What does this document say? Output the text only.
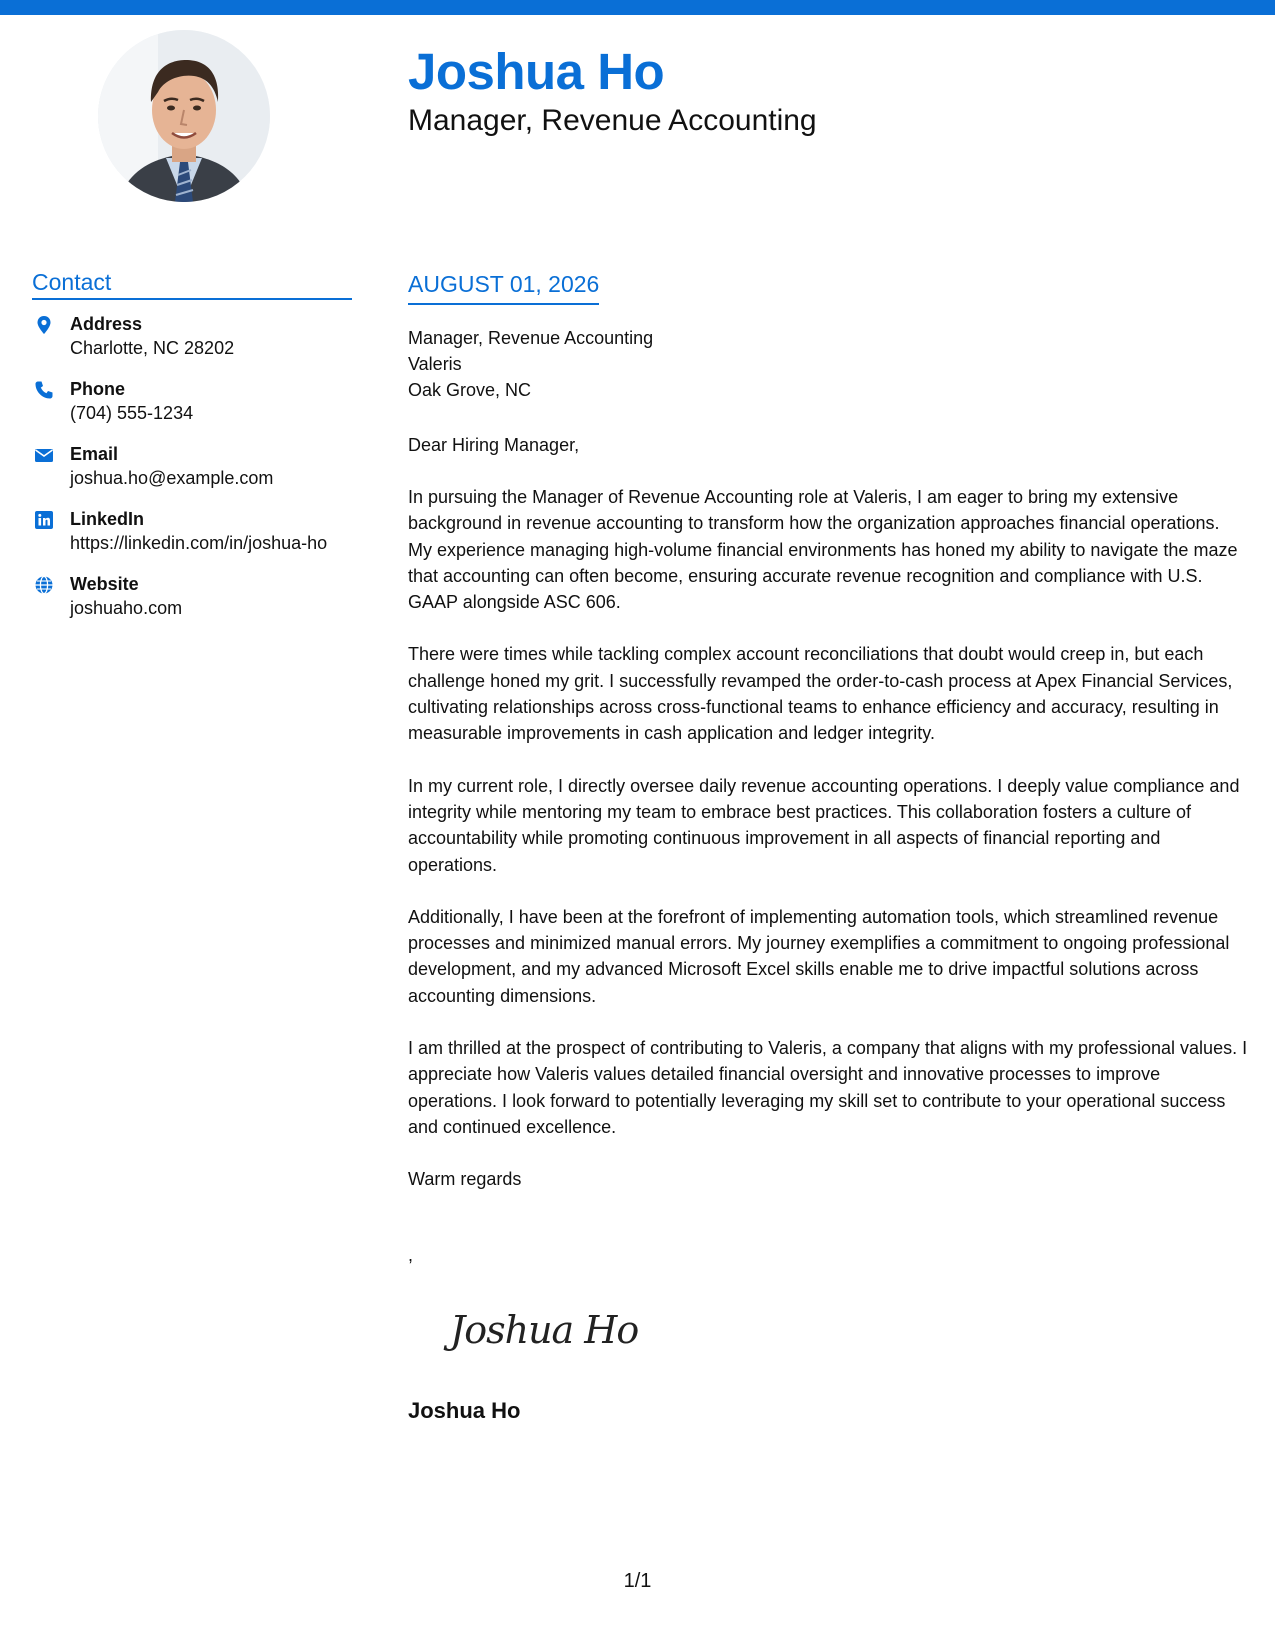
Joshua Ho
Manager, Revenue Accounting
Contact
Address
Charlotte, NC 28202
Phone
(704) 555-1234
Email
joshua.ho@example.com
LinkedIn
https://linkedin.com/in/joshua-ho
Website
joshuaho.com
AUGUST 01, 2026
Manager, Revenue Accounting
Valeris
Oak Grove, NC
Dear Hiring Manager,
In pursuing the Manager of Revenue Accounting role at Valeris, I am eager to bring my extensive background in revenue accounting to transform how the organization approaches financial operations. My experience managing high-volume financial environments has honed my ability to navigate the maze that accounting can often become, ensuring accurate revenue recognition and compliance with U.S. GAAP alongside ASC 606.
There were times while tackling complex account reconciliations that doubt would creep in, but each challenge honed my grit. I successfully revamped the order-to-cash process at Apex Financial Services, cultivating relationships across cross-functional teams to enhance efficiency and accuracy, resulting in measurable improvements in cash application and ledger integrity.
In my current role, I directly oversee daily revenue accounting operations. I deeply value compliance and integrity while mentoring my team to embrace best practices. This collaboration fosters a culture of accountability while promoting continuous improvement in all aspects of financial reporting and operations.
Additionally, I have been at the forefront of implementing automation tools, which streamlined revenue processes and minimized manual errors. My journey exemplifies a commitment to ongoing professional development, and my advanced Microsoft Excel skills enable me to drive impactful solutions across accounting dimensions.
I am thrilled at the prospect of contributing to Valeris, a company that aligns with my professional values. I appreciate how Valeris values detailed financial oversight and innovative processes to improve operations. I look forward to potentially leveraging my skill set to contribute to your operational success and continued excellence.
Warm regards
,
Joshua Ho
Joshua Ho
1/1
